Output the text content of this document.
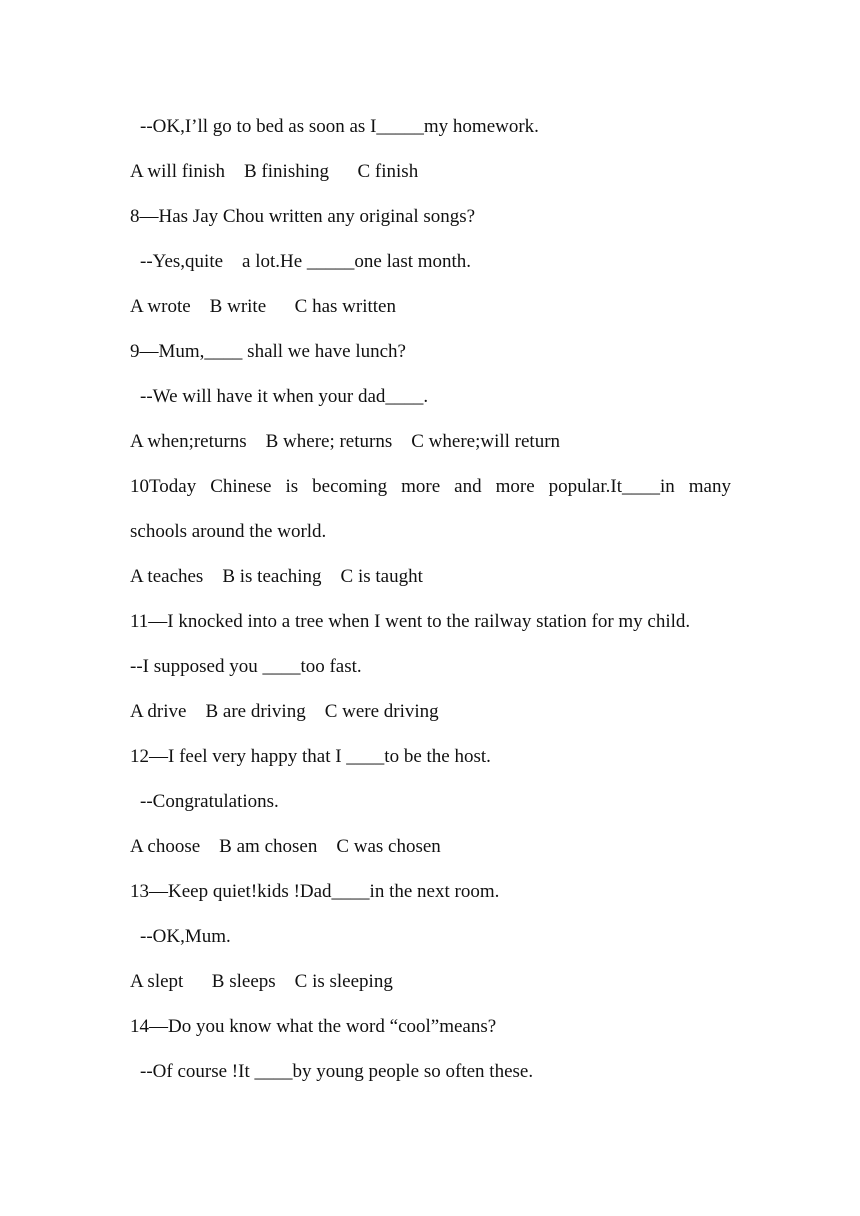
--OK,I’ll go to bed as soon as I_____my homework.
A will finish    B finishing      C finish
8—Has Jay Chou written any original songs?
--Yes,quite    a lot.He _____one last month.
A wrote    B write      C has written
9—Mum,____ shall we have lunch?
--We will have it when your dad____.
A when;returns    B where; returns    C where;will return
10Today Chinese is becoming more and more popular.It____in many
schools around the world.
A teaches    B is teaching    C is taught
11—I knocked into a tree when I went to the railway station for my child.
--I supposed you ____too fast.
A drive    B are driving    C were driving
12—I feel very happy that I ____to be the host.
--Congratulations.
A choose    B am chosen    C was chosen
13—Keep quiet!kids !Dad____in the next room.
--OK,Mum.
A slept      B sleeps    C is sleeping
14—Do you know what the word “cool”means?
--Of course !It ____by young people so often these.
